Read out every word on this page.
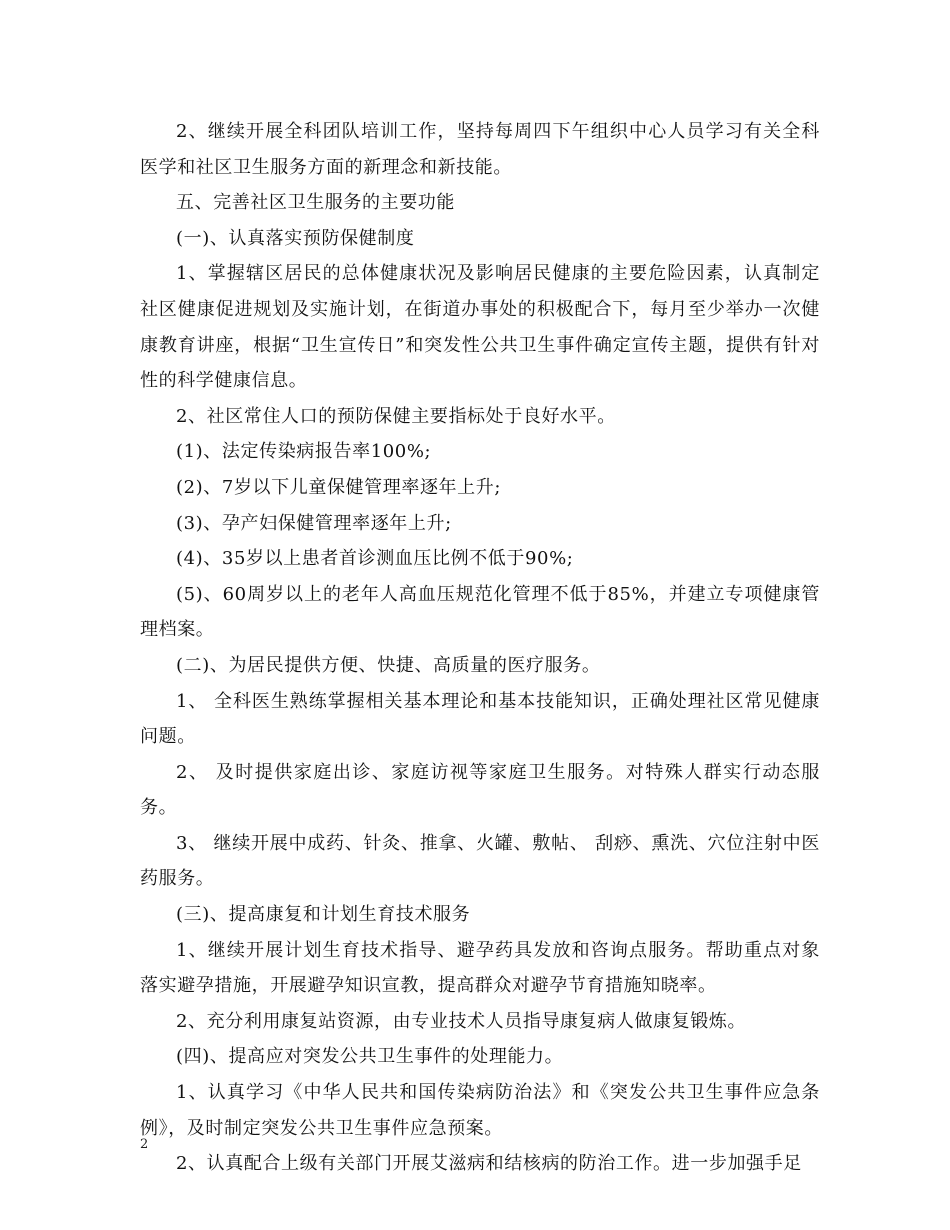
2、继续开展全科团队培训工作，坚持每周四下午组织中心人员学习有关全科医学和社区卫生服务方面的新理念和新技能。

五、完善社区卫生服务的主要功能

(一)、认真落实预防保健制度

1、掌握辖区居民的总体健康状况及影响居民健康的主要危险因素，认真制定社区健康促进规划及实施计划，在街道办事处的积极配合下，每月至少举办一次健康教育讲座，根据“卫生宣传日”和突发性公共卫生事件确定宣传主题，提供有针对性的科学健康信息。

2、社区常住人口的预防保健主要指标处于良好水平。

(1)、法定传染病报告率100%;

(2)、7岁以下儿童保健管理率逐年上升;

(3)、孕产妇保健管理率逐年上升;

(4)、35岁以上患者首诊测血压比例不低于90%;

(5)、60周岁以上的老年人高血压规范化管理不低于85%，并建立专项健康管理档案。

(二)、为居民提供方便、快捷、高质量的医疗服务。

1、 全科医生熟练掌握相关基本理论和基本技能知识，正确处理社区常见健康问题。

2、 及时提供家庭出诊、家庭访视等家庭卫生服务。对特殊人群实行动态服务。

3、 继续开展中成药、针灸、推拿、火罐、敷帖、 刮痧、熏洗、穴位注射中医药服务。

(三)、提高康复和计划生育技术服务

1、继续开展计划生育技术指导、避孕药具发放和咨询点服务。帮助重点对象落实避孕措施，开展避孕知识宣教，提高群众对避孕节育措施知晓率。

2、充分利用康复站资源，由专业技术人员指导康复病人做康复锻炼。

(四)、提高应对突发公共卫生事件的处理能力。

1、认真学习《中华人民共和国传染病防治法》和《突发公共卫生事件应急条例》，及时制定突发公共卫生事件应急预案。

2、认真配合上级有关部门开展艾滋病和结核病的防治工作。进一步加强手足

2
